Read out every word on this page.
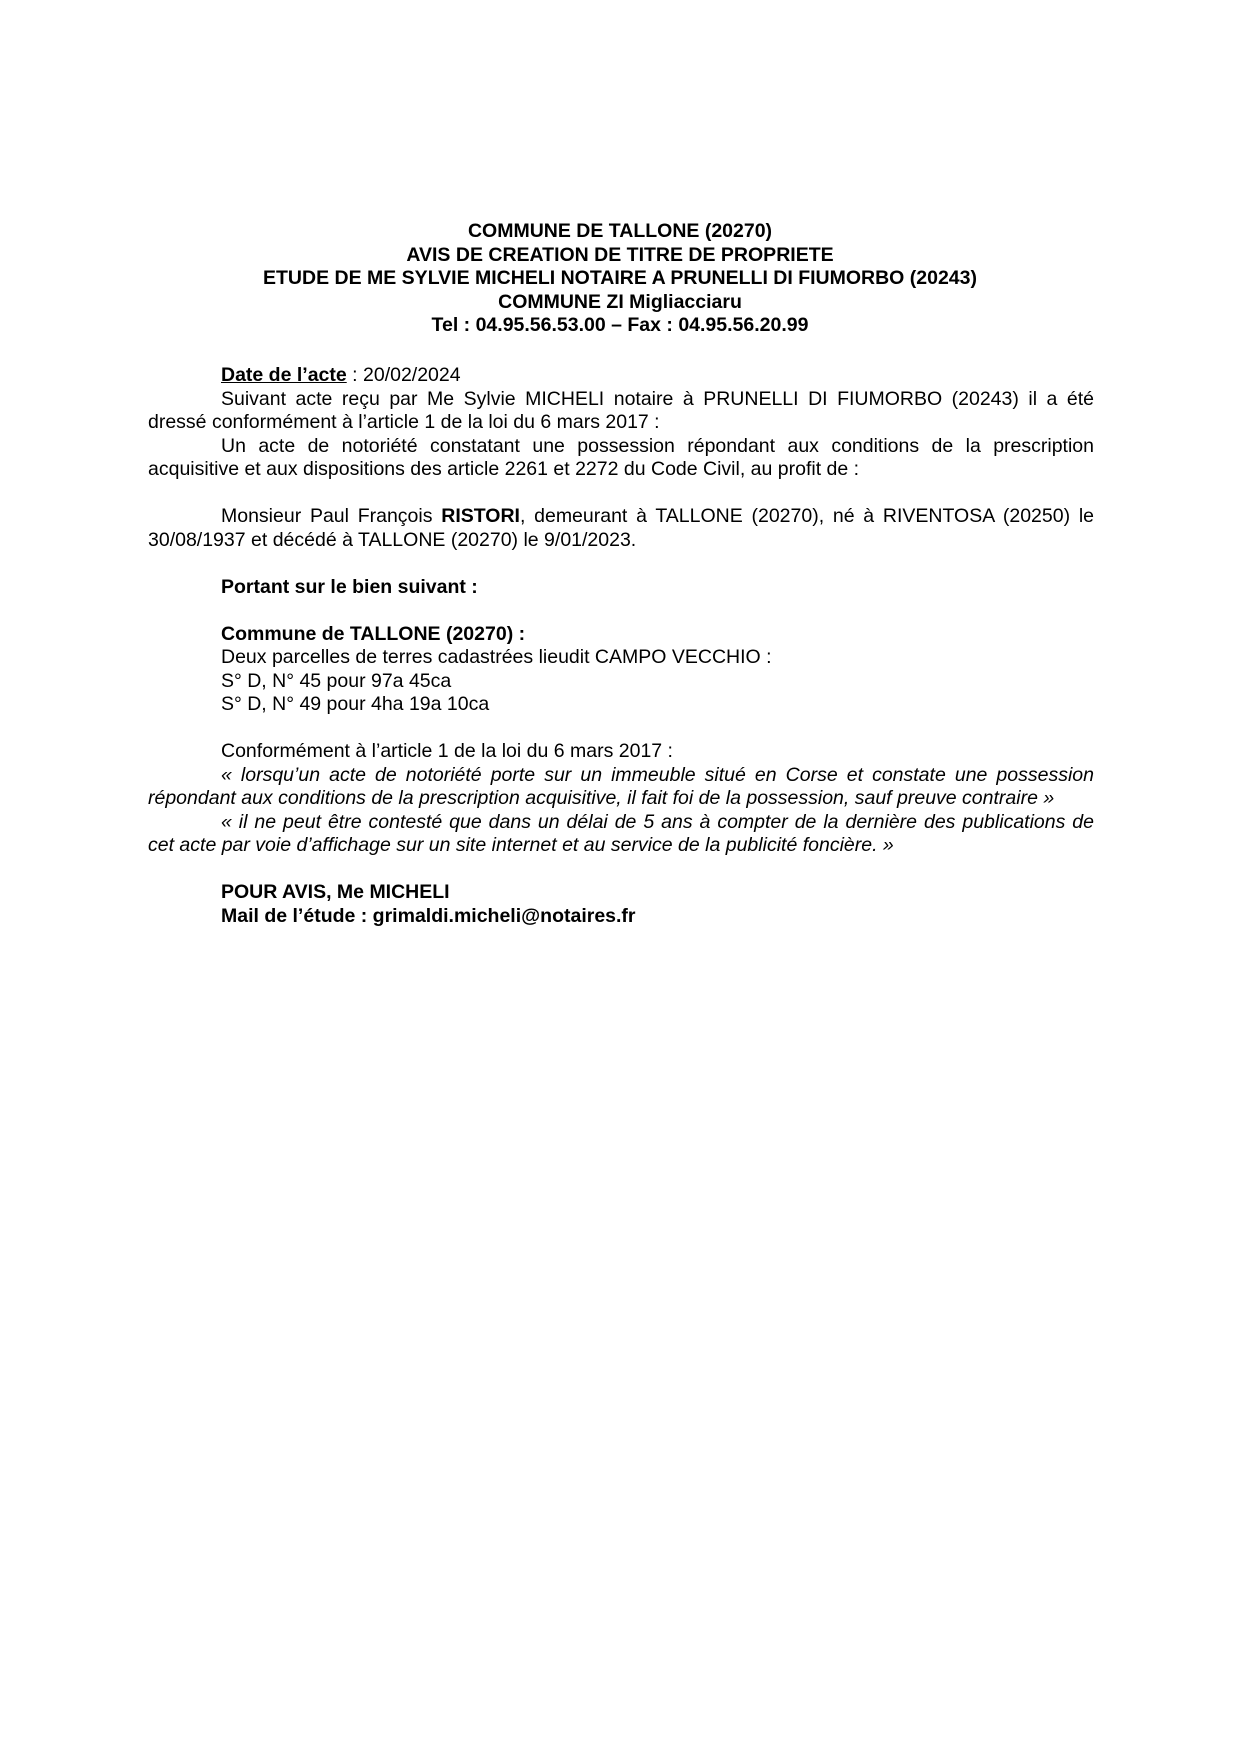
COMMUNE DE TALLONE (20270)
AVIS DE CREATION DE TITRE DE PROPRIETE
ETUDE DE ME SYLVIE MICHELI NOTAIRE A PRUNELLI DI FIUMORBO (20243)
COMMUNE ZI Migliacciaru
Tel : 04.95.56.53.00 – Fax : 04.95.56.20.99

Date de l’acte : 20/02/2024

Suivant acte reçu par Me Sylvie MICHELI notaire à PRUNELLI DI FIUMORBO (20243) il a été dressé conformément à l’article 1 de la loi du 6 mars 2017 :

Un acte de notoriété constatant une possession répondant aux conditions de la prescription acquisitive et aux dispositions des article 2261 et 2272 du Code Civil, au profit de :

Monsieur Paul François RISTORI, demeurant à TALLONE (20270), né à RIVENTOSA (20250) le 30/08/1937 et décédé à TALLONE (20270) le 9/01/2023.

Portant sur le bien suivant :

Commune de TALLONE (20270) :

Deux parcelles de terres cadastrées lieudit CAMPO VECCHIO :

S° D, N° 45 pour 97a 45ca

S° D, N° 49 pour 4ha 19a 10ca

Conformément à l’article 1 de la loi du 6 mars 2017 :

« lorsqu’un acte de notoriété porte sur un immeuble situé en Corse et constate une possession répondant aux conditions de la prescription acquisitive, il fait foi de la possession, sauf preuve contraire »

« il ne peut être contesté que dans un délai de 5 ans à compter de la dernière des publications de cet acte par voie d’affichage sur un site internet et au service de la publicité foncière. »

POUR AVIS, Me MICHELI

Mail de l’étude : grimaldi.micheli@notaires.fr
